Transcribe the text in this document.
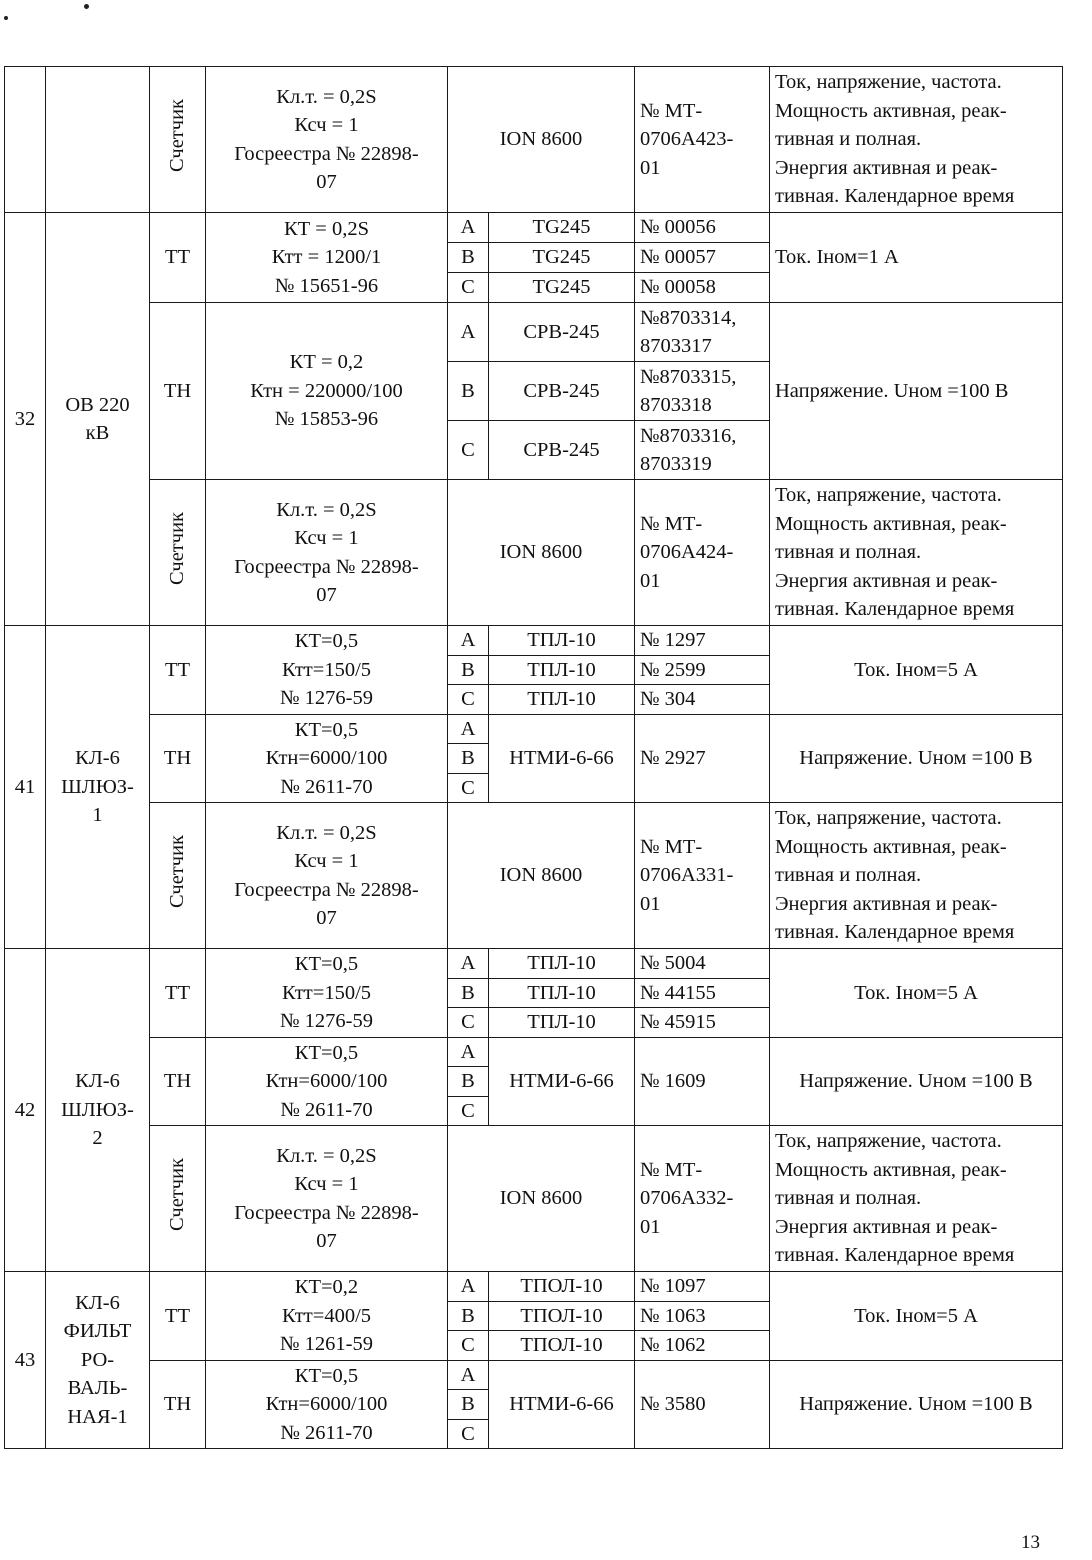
		Счетчик	Кл.т. = 0,2S
Ксч = 1
Госреестра № 22898-
07	ION 8600		№ МТ-
0706A423-
01	Ток, напряжение, частота.
Мощность активная, реак-
тивная и полная.
Энергия активная и реак-
тивная. Календарное время
32	ОВ 220
кВ	ТТ	КТ = 0,2S
Ктт = 1200/1
№ 15651-96	A	TG245	№ 00056	Ток. Iном=1 А
				B	TG245	№ 00057	
				C	TG245	№ 00058	
		ТН	КТ = 0,2
Ктн = 220000/100
№ 15853-96	A	СРВ-245	№8703314,
8703317	Напряжение. Uном =100 В
				B	СРВ-245	№8703315,
8703318	
				C	СРВ-245	№8703316,
8703319	
		Счетчик	Кл.т. = 0,2S
Ксч = 1
Госреестра № 22898-
07	ION 8600		№ МТ-
0706A424-
01	Ток, напряжение, частота.
Мощность активная, реак-
тивная и полная.
Энергия активная и реак-
тивная. Календарное время
41	КЛ-6
ШЛЮЗ-
1	ТТ	КТ=0,5
Ктт=150/5
№ 1276-59	A	ТПЛ-10	№ 1297	Ток. Iном=5 А
				B	ТПЛ-10	№ 2599	
				C	ТПЛ-10	№ 304	
		ТН	КТ=0,5
Ктн=6000/100
№ 2611-70	A	НТМИ-6-66	№ 2927	Напряжение. Uном =100 В
				B			
				C			
		Счетчик	Кл.т. = 0,2S
Ксч = 1
Госреестра № 22898-
07	ION 8600		№ МТ-
0706A331-
01	Ток, напряжение, частота.
Мощность активная, реак-
тивная и полная.
Энергия активная и реак-
тивная. Календарное время
42	КЛ-6
ШЛЮЗ-
2	ТТ	КТ=0,5
Ктт=150/5
№ 1276-59	A	ТПЛ-10	№ 5004	Ток. Iном=5 А
				B	ТПЛ-10	№ 44155	
				C	ТПЛ-10	№ 45915	
		ТН	КТ=0,5
Ктн=6000/100
№ 2611-70	A	НТМИ-6-66	№ 1609	Напряжение. Uном =100 В
				B			
				C			
		Счетчик	Кл.т. = 0,2S
Ксч = 1
Госреестра № 22898-
07	ION 8600		№ МТ-
0706A332-
01	Ток, напряжение, частота.
Мощность активная, реак-
тивная и полная.
Энергия активная и реак-
тивная. Календарное время
43	КЛ-6
ФИЛЬТ
РО-
ВАЛЬ-
НАЯ-1	ТТ	КТ=0,2
Ктт=400/5
№ 1261-59	A	ТПОЛ-10	№ 1097	Ток. Iном=5 А
				B	ТПОЛ-10	№ 1063	
				C	ТПОЛ-10	№ 1062	
		ТН	КТ=0,5
Ктн=6000/100
№ 2611-70	A	НТМИ-6-66	№ 3580	Напряжение. Uном =100 В
				B			
				C			
13
